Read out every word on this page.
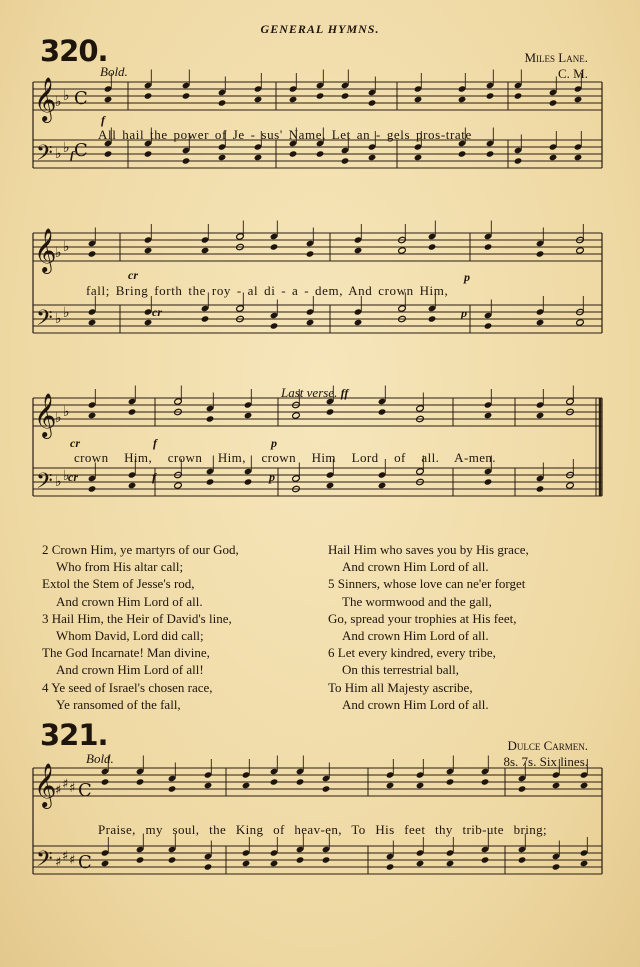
GENERAL HYMNS.
320.	Miles Lane.
C. M.
Bold.
𝄞
𝄢
♭ ♭ C
♭ ♭ C
𝄞
𝄢
♭ ♭
♭ ♭
𝄞
𝄢
♭ ♭
♭ ♭
𝄞
𝄢
♯ ♯ ♯ C
♯ ♯ ♯ C
All hail the power of Je - sus' Name, Let an - gels pros-trate
fall; Bring forth the roy - al di - a - dem, And crown Him,
crown Him, crown Him, crown Him Lord of all. A-men.
f
f
cr
cr
p
p
cr	f	p
cr	f	p
Last verse. ff
2 Crown Him, ye martyrs of our God,
Who from His altar call;
Extol the Stem of Jesse's rod,
And crown Him Lord of all.
3 Hail Him, the Heir of David's line,
Whom David, Lord did call;
The God Incarnate! Man divine,
And crown Him Lord of all!
4 Ye seed of Israel's chosen race,
Ye ransomed of the fall,
Hail Him who saves you by His grace,
And crown Him Lord of all.
5 Sinners, whose love can ne'er forget
The wormwood and the gall,
Go, spread your trophies at His feet,
And crown Him Lord of all.
6 Let every kindred, every tribe,
On this terrestrial ball,
To Him all Majesty ascribe,
And crown Him Lord of all.
321.	Dulce Carmen.
8s. 7s. Six lines.
Bold.
Praise, my soul, the King of heav-en, To His feet thy trib-ute bring;
